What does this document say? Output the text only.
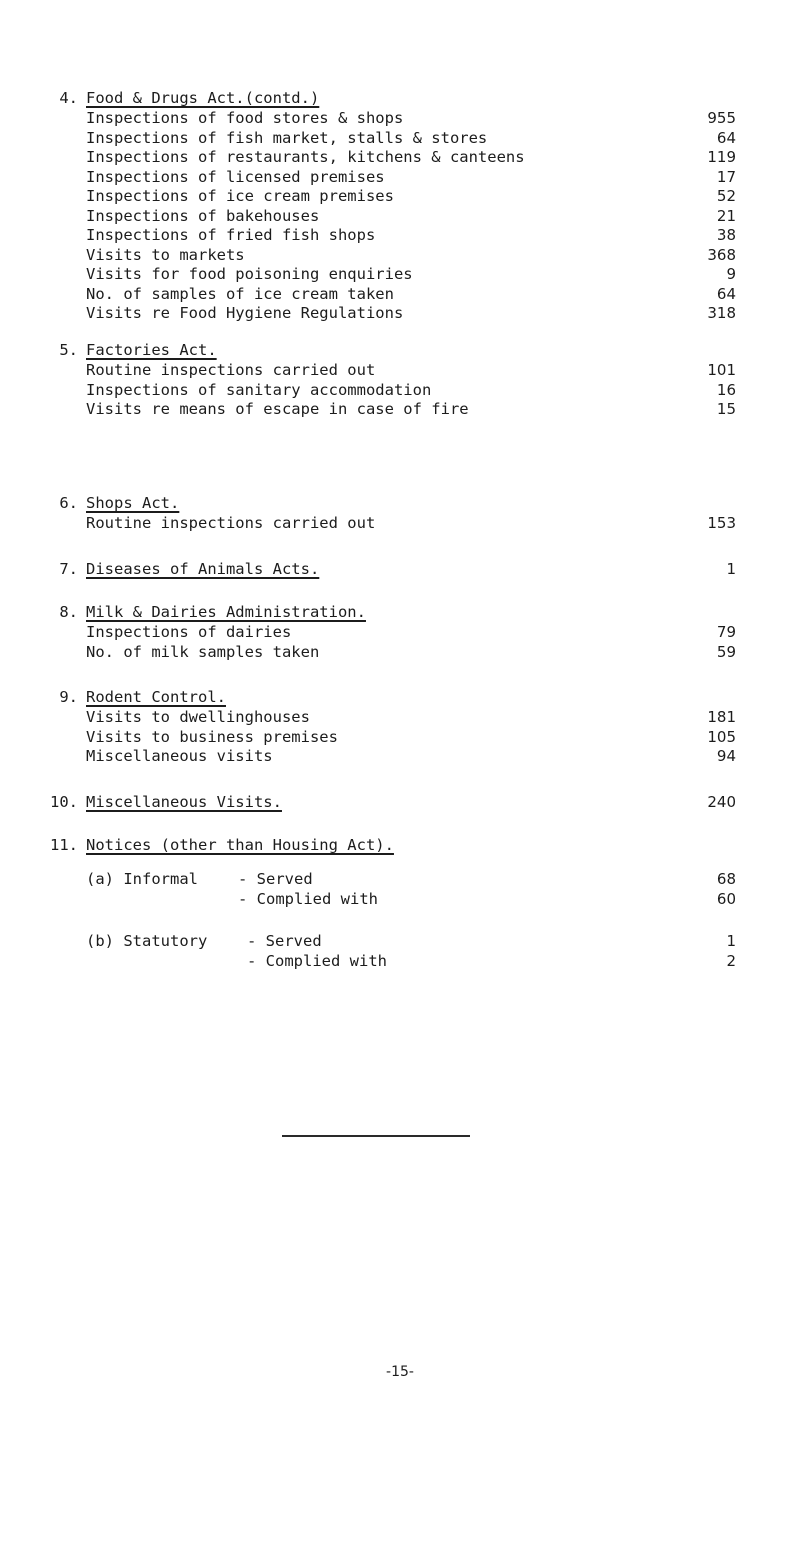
4. Food & Drugs Act.(contd.)
Inspections of food stores & shops	955
Inspections of fish market, stalls & stores	64
Inspections of restaurants, kitchens & canteens	119
Inspections of licensed premises	17
Inspections of ice cream premises	52
Inspections of bakehouses	21
Inspections of fried fish shops	38
Visits to markets	368
Visits for food poisoning enquiries	9
No. of samples of ice cream taken	64
Visits re Food Hygiene Regulations	318
5. Factories Act.
Routine inspections carried out	101
Inspections of sanitary accommodation	16
Visits re means of escape in case of fire	15
6. Shops Act.
Routine inspections carried out	153
7. Diseases of Animals Acts.	1
8. Milk & Dairies Administration.
Inspections of dairies	79
No. of milk samples taken	59
9. Rodent Control.
Visits to dwellinghouses	181
Visits to business premises	105
Miscellaneous visits	94
10. Miscellaneous Visits.	240
11. Notices (other than Housing Act).
(a) Informal	- Served	68
- Complied with	60
(b) Statutory	- Served	1
- Complied with	2
-15-
